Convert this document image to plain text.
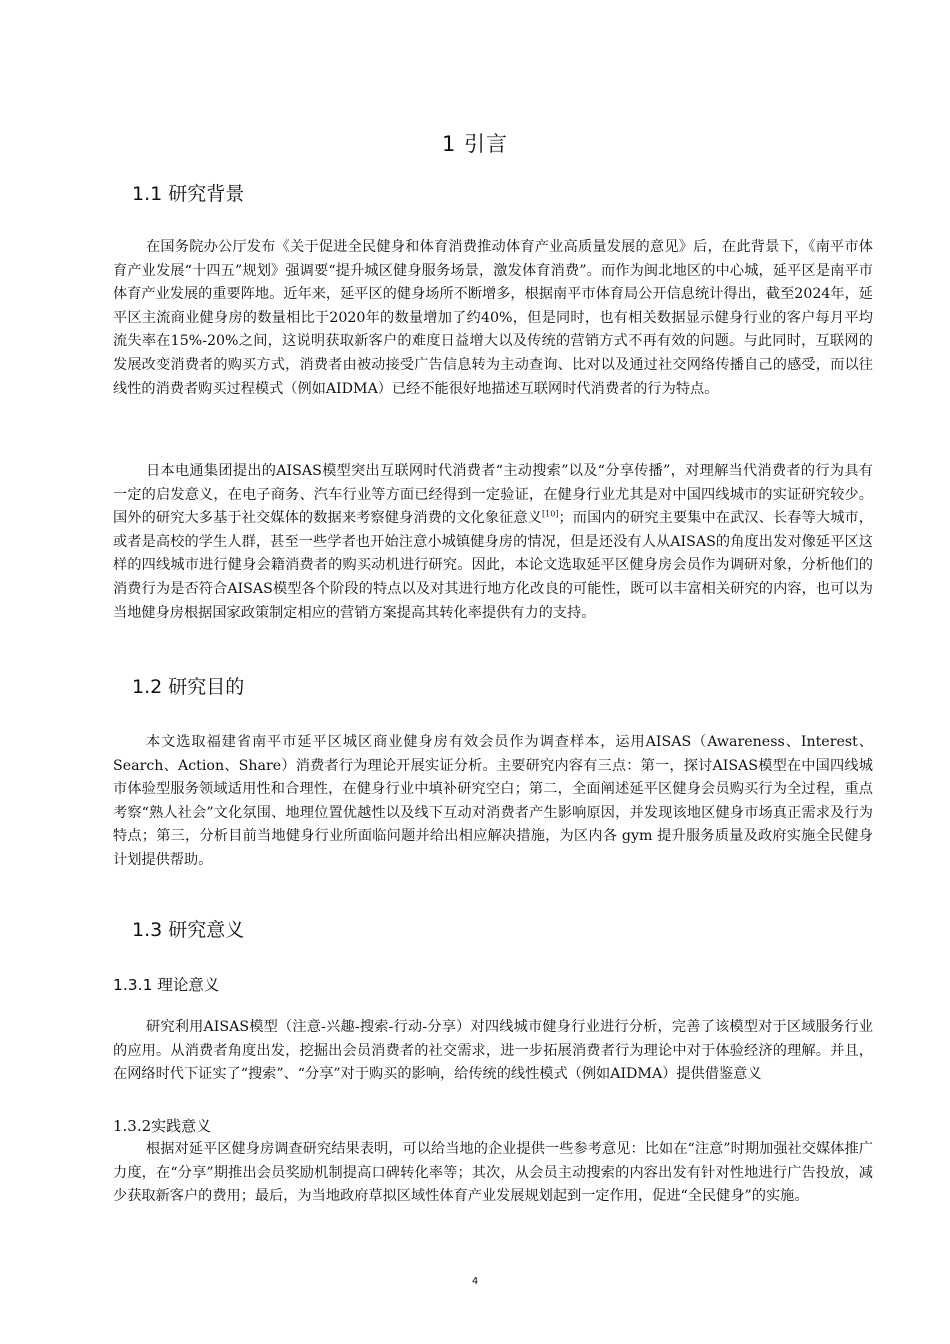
1 引言
1.1 研究背景

在国务院办公厅发布《关于促进全民健身和体育消费推动体育产业高质量发展的意见》后，在此背景下，《南平市体育产业发展“十四五”规划》强调要“提升城区健身服务场景，激发体育消费”。而作为闽北地区的中心城，延平区是南平市体育产业发展的重要阵地。近年来，延平区的健身场所不断增多，根据南平市体育局公开信息统计得出，截至2024年，延平区主流商业健身房的数量相比于2020年的数量增加了约40%，但是同时，也有相关数据显示健身行业的客户每月平均流失率在15%-20%之间，这说明获取新客户的难度日益增大以及传统的营销方式不再有效的问题。与此同时，互联网的发展改变消费者的购买方式，消费者由被动接受广告信息转为主动查询、比对以及通过社交网络传播自己的感受，而以往线性的消费者购买过程模式（例如AIDMA）已经不能很好地描述互联网时代消费者的行为特点。

日本电通集团提出的AISAS模型突出互联网时代消费者“主动搜索”以及“分享传播”，对理解当代消费者的行为具有一定的启发意义，在电子商务、汽车行业等方面已经得到一定验证，在健身行业尤其是对中国四线城市的实证研究较少。国外的研究大多基于社交媒体的数据来考察健身消费的文化象征意义[10]；而国内的研究主要集中在武汉、长春等大城市，或者是高校的学生人群，甚至一些学者也开始注意小城镇健身房的情况，但是还没有人从AISAS的角度出发对像延平区这样的四线城市进行健身会籍消费者的购买动机进行研究。因此，本论文选取延平区健身房会员作为调研对象，分析他们的消费行为是否符合AISAS模型各个阶段的特点以及对其进行地方化改良的可能性，既可以丰富相关研究的内容，也可以为当地健身房根据国家政策制定相应的营销方案提高其转化率提供有力的支持。

1.2 研究目的

本文选取福建省南平市延平区城区商业健身房有效会员作为调查样本，运用AISAS（Awareness、Interest、Search、Action、Share）消费者行为理论开展实证分析。主要研究内容有三点：第一，探讨AISAS模型在中国四线城市体验型服务领域适用性和合理性，在健身行业中填补研究空白；第二，全面阐述延平区健身会员购买行为全过程，重点考察“熟人社会”文化氛围、地理位置优越性以及线下互动对消费者产生影响原因，并发现该地区健身市场真正需求及行为特点；第三，分析目前当地健身行业所面临问题并给出相应解决措施，为区内各 gym 提升服务质量及政府实施全民健身计划提供帮助。

1.3 研究意义
1.3.1 理论意义

研究利用AISAS模型（注意-兴趣-搜索-行动-分享）对四线城市健身行业进行分析，完善了该模型对于区域服务行业的应用。从消费者角度出发，挖掘出会员消费者的社交需求，进一步拓展消费者行为理论中对于体验经济的理解。并且，在网络时代下证实了“搜索”、“分享”对于购买的影响，给传统的线性模式（例如AIDMA）提供借鉴意义

1.3.2实践意义

根据对延平区健身房调查研究结果表明，可以给当地的企业提供一些参考意见：比如在“注意”时期加强社交媒体推广力度，在“分享”期推出会员奖励机制提高口碑转化率等；其次，从会员主动搜索的内容出发有针对性地进行广告投放，减少获取新客户的费用；最后，为当地政府草拟区域性体育产业发展规划起到一定作用，促进“全民健身”的实施。

4
